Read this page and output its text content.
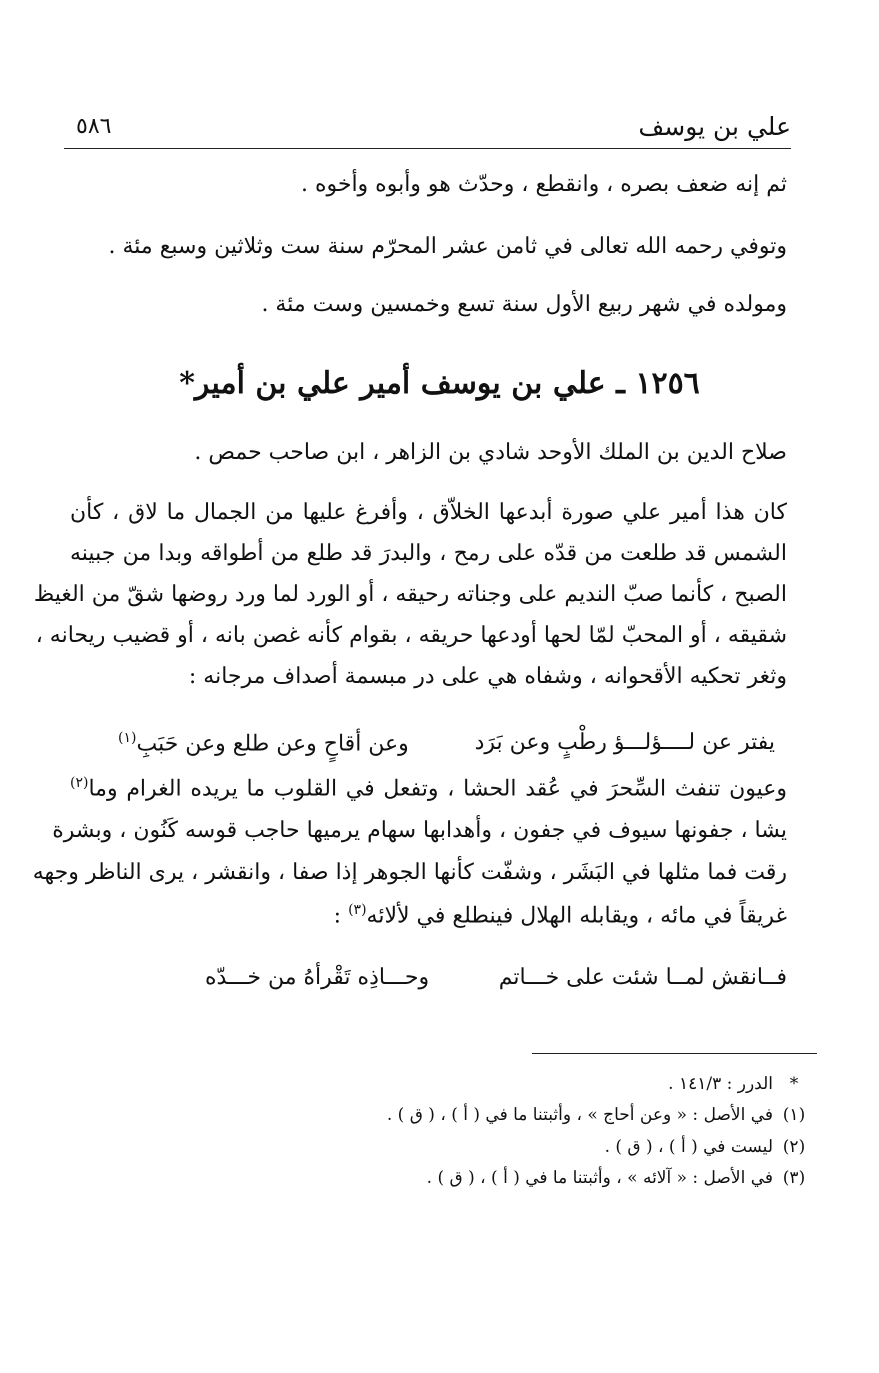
علي بن يوسف
٥٨٦
ثم إنه ضعف بصره ، وانقطع ، وحدّث هو وأبوه وأخوه .
وتوفي رحمه الله تعالى في ثامن عشر المحرّم سنة ست وثلاثين وسبع مئة .
ومولده في شهر ربيع الأول سنة تسع وخمسين وست مئة .
١٢٥٦ ـ علي بن يوسف أمير علي بن أمير*
صلاح الدين بن الملك الأوحد شادي بن الزاهر ، ابن صاحب حمص .
كان هذا أمير علي صورة أبدعها الخلاّق ، وأفرغ عليها من الجمال ما لاق ، كأن
الشمس قد طلعت من قدّه على رمح ، والبدرَ قد طلع من أطواقه وبدا من جبينه
الصبح ، كأنما صبّ النديم على وجناته رحيقه ، أو الورد لما ورد روضها شقّ من الغيظ
شقيقه ، أو المحبّ لمّا لحها أودعها حريقه ، بقوام كأنه غصن بانه ، أو قضيب ريحانه ،
وثغر تحكيه الأقحوانه ، وشفاه هي على در مبسمة أصداف مرجانه :
يفتر عن لــــؤلـــؤ رطْبٍ وعن بَرَد
وعن أقاحٍ وعن طلع وعن حَبَبِ$^{(١)}$
وعيون تنفث السِّحرَ في عُقد الحشا ، وتفعل في القلوب ما يريده الغرام وما$^{(٢)}$
يشا ، جفونها سيوف في جفون ، وأهدابها سهام يرميها حاجب قوسه كَنُون ، وبشرة
رقت فما مثلها في البَشَر ، وشفّت كأنها الجوهر إذا صفا ، وانقشر ، يرى الناظر وجهه
غريقاً في مائه ، ويقابله الهلال فينطلع في لألائه$^{(٣)}$ :
فــانقش لمــا شئت على خـــاتم
وحـــاذِه تَقْرأهُ من خـــدّه
*الدرر : ١٤١/٣ .
(١)في الأصل : « وعن أحاج » ، وأثبتنا ما في ( أ ) ، ( ق ) .
(٢)ليست في ( أ ) ، ( ق ) .
(٣)في الأصل : « آلائه » ، وأثبتنا ما في ( أ ) ، ( ق ) .
